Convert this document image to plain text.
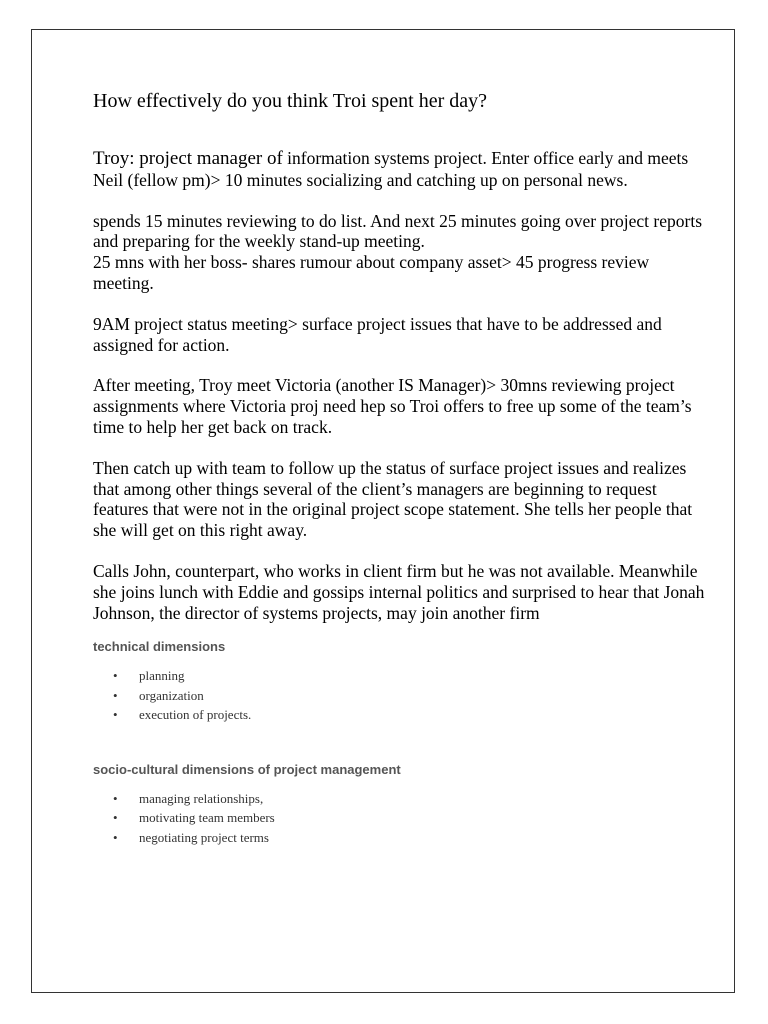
How effectively do you think Troi spent her day?

Troy: project manager of information systems project. Enter office early and meets Neil (fellow pm)> 10 minutes socializing and catching up on personal news.

spends 15 minutes reviewing to do list. And next 25 minutes going over project reports and preparing for the weekly stand-up meeting.
25 mns with her boss- shares rumour about company asset> 45 progress review meeting.

9AM project status meeting> surface project issues that have to be addressed and assigned for action.

After meeting, Troy meet Victoria (another IS Manager)> 30mns reviewing project assignments where Victoria proj need hep so Troi offers to free up some of the team’s time to help her get back on track.

Then catch up with team to follow up the status of surface project issues and realizes that among other things several of the client’s managers are beginning to request features that were not in the original project scope statement. She tells her people that she will get on this right away.

Calls John, counterpart, who works in client firm but he was not available. Meanwhile she joins lunch with Eddie and gossips internal politics and surprised to hear that Jonah Johnson, the director of systems projects, may join another firm

technical dimensions
• planning
• organization
• execution of projects.
socio-cultural dimensions of project management
• managing relationships,
• motivating team members
• negotiating project terms
